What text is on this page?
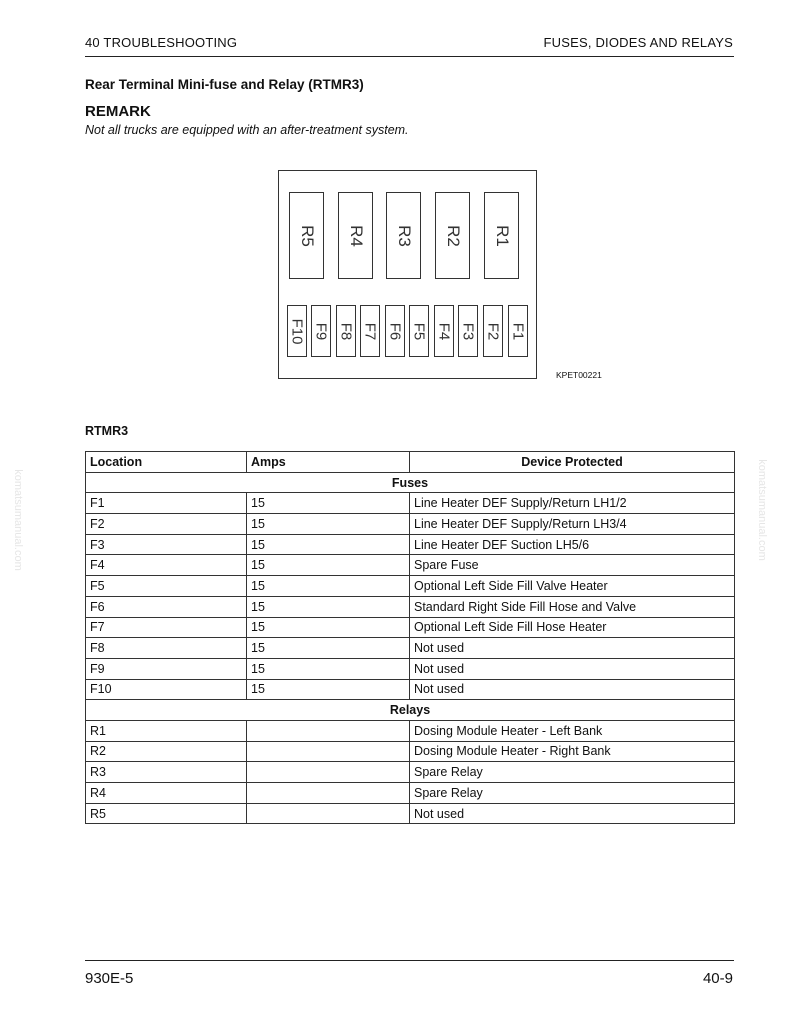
40 TROUBLESHOOTING	FUSES, DIODES AND RELAYS
Rear Terminal Mini-fuse and Relay (RTMR3)
REMARK
Not all trucks are equipped with an after-treatment system.
R5 R4 R3 R2 R1
F10 F9 F8 F7 F6 F5 F4 F3 F2 F1
KPET00221
RTMR3
Location	Amps	Device Protected
Fuses		
F1	15	Line Heater DEF Supply/Return LH1/2
F2	15	Line Heater DEF Supply/Return LH3/4
F3	15	Line Heater DEF Suction LH5/6
F4	15	Spare Fuse
F5	15	Optional Left Side Fill Valve Heater
F6	15	Standard Right Side Fill Hose and Valve
F7	15	Optional Left Side Fill Hose Heater
F8	15	Not used
F9	15	Not used
F10	15	Not used
Relays		
R1		Dosing Module Heater - Left Bank
R2		Dosing Module Heater - Right Bank
R3		Spare Relay
R4		Spare Relay
R5		Not used
930E-5	40-9
komatsumanual.com	komatsumanual.com
